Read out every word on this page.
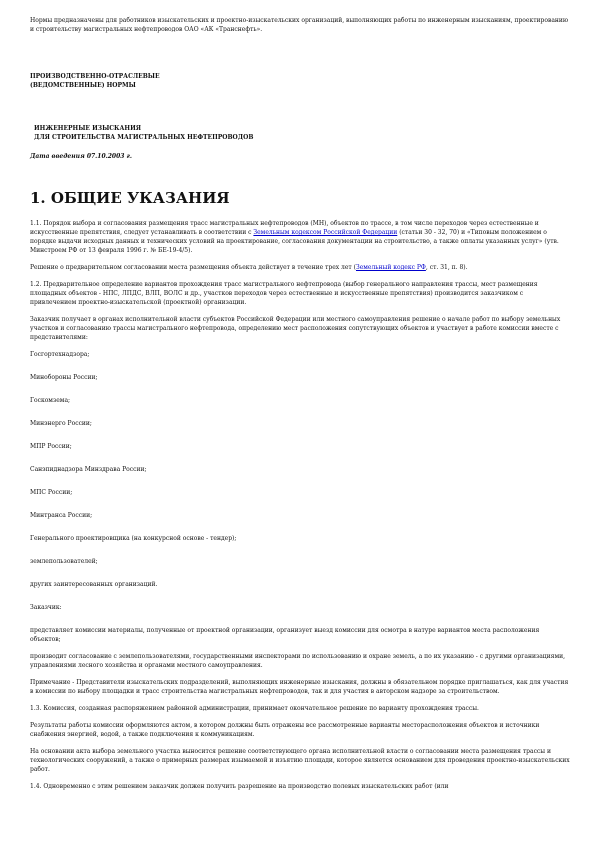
Нормы предназначены для работников изыскательских и проектно-изыскательских организаций, выполняющих работы по инженерным изысканиям, проектированию и строительству магистральных нефтепроводов ОАО «АК «Транснефть».

ПРОИЗВОДСТВЕННО-ОТРАСЛЕВЫЕ

(ВЕДОМСТВЕННЫЕ) НОРМЫ

ИНЖЕНЕРНЫЕ ИЗЫСКАНИЯ

ДЛЯ СТРОИТЕЛЬСТВА МАГИСТРАЛЬНЫХ НЕФТЕПРОВОДОВ

Дата введения 07.10.2003 г.

1. ОБЩИЕ УКАЗАНИЯ

1.1. Порядок выбора и согласования размещения трасс магистральных нефтепроводов (МН), объектов по трассе, в том числе переходов через естественные и искусственные препятствия, следует устанавливать в соответствии с Земельным кодексом Российской Федерации (статьи 30 - 32, 70) и «Типовым положением о порядке выдачи исходных данных и технических условий на проектирование, согласования документации на строительство, а также оплаты указанных услуг» (утв. Минстроем РФ от 13 февраля 1996 г. № БЕ-19-4/5).

Решение о предварительном согласовании места размещения объекта действует в течение трех лет (Земельный кодекс РФ, ст. 31, п. 8).

1.2. Предварительное определение вариантов прохождения трасс магистрального нефтепровода (выбор генерального направления трассы, мест размещения площадных объектов - НПС, ЛПДС, ВЛП, ВОЛС и др., участков переходов через естественные и искусственные препятствия) производится заказчиком с привлечением проектно-изыскательской (проектной) организации.

Заказчик получает в органах исполнительной власти субъектов Российской Федерации или местного самоуправления решение о начале работ по выбору земельных участков и согласованию трассы магистрального нефтепровода, определению мест расположения сопутствующих объектов и участвует в работе комиссии вместе с представителями:

Госгортехнадзора;

Минобороны России;

Госкомзема;

Минэнерго России;

МПР России;

Санэпиднадзора Минздрава России;

МПС России;

Минтранса России;

Генерального проектировщика (на конкурсной основе - тендер);

землепользователей;

других заинтересованных организаций.

Заказчик:

представляет комиссии материалы, полученные от проектной организации, организует выезд комиссии для осмотра в натуре вариантов места расположения объектов;

производит согласование с землепользователями, государственными инспекторами по использованию и охране земель, а по их указанию - с другими организациями, управлениями лесного хозяйства и органами местного самоуправления.

Примечание - Представители изыскательских подразделений, выполняющих инженерные изыскания, должны в обязательном порядке приглашаться, как для участия в комиссии по выбору площадки и трасс строительства магистральных нефтепроводов, так и для участия в авторском надзоре за строительством.

1.3. Комиссия, созданная распоряжением районной администрации, принимает окончательное решение по варианту прохождения трассы.

Результаты работы комиссии оформляются актом, в котором должны быть отражены все рассмотренные варианты месторасположения объектов и источники снабжения энергией, водой, а также подключения к коммуникациям.

На основании акта выбора земельного участка выносится решение соответствующего органа исполнительной власти о согласовании места размещения трассы и технологических сооружений, а также о примерных размерах изымаемой и изъятию площади, которое является основанием для проведения проектно-изыскательских работ.

1.4. Одновременно с этим решением заказчик должен получить разрешение на производство полевых изыскательских работ (или
